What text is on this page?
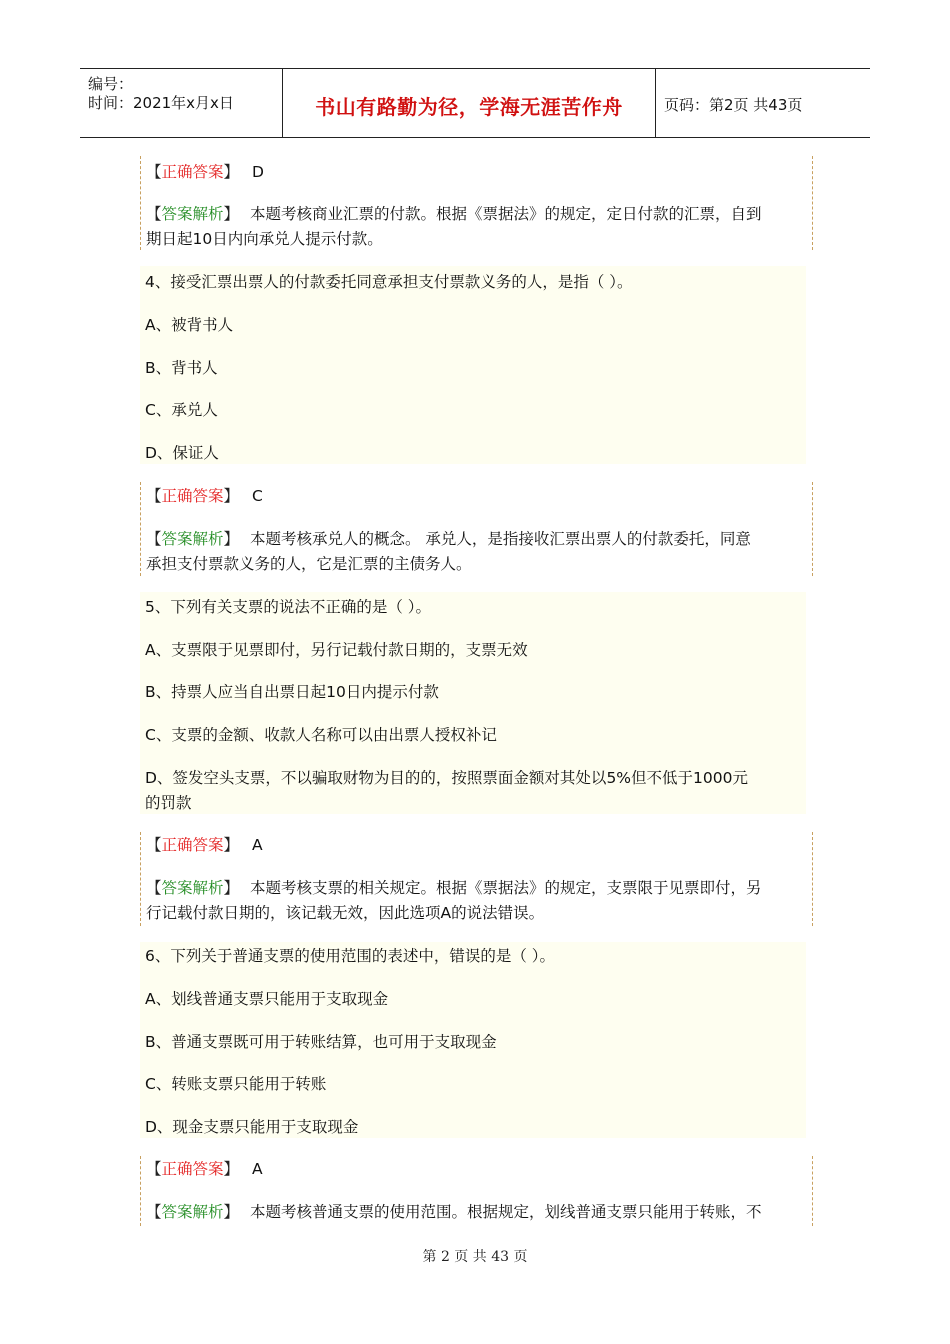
编号：
时间：2021年x月x日	书山有路勤为径，学海无涯苦作舟	页码：第2页 共43页
【正确答案】 D
【答案解析】 本题考核商业汇票的付款。根据《票据法》的规定，定日付款的汇票，自到
期日起10日内向承兑人提示付款。
4、接受汇票出票人的付款委托同意承担支付票款义务的人，是指（ ）。
A、被背书人
B、背书人
C、承兑人
D、保证人
【正确答案】 C
【答案解析】 本题考核承兑人的概念。 承兑人，是指接收汇票出票人的付款委托，同意
承担支付票款义务的人，它是汇票的主债务人。
5、下列有关支票的说法不正确的是（ ）。
A、支票限于见票即付，另行记载付款日期的，支票无效
B、持票人应当自出票日起10日内提示付款
C、支票的金额、收款人名称可以由出票人授权补记
D、签发空头支票，不以骗取财物为目的的，按照票面金额对其处以5%但不低于1000元
的罚款
【正确答案】 A
【答案解析】 本题考核支票的相关规定。根据《票据法》的规定，支票限于见票即付，另
行记载付款日期的，该记载无效，因此选项A的说法错误。
6、下列关于普通支票的使用范围的表述中，错误的是（ ）。
A、划线普通支票只能用于支取现金
B、普通支票既可用于转账结算，也可用于支取现金
C、转账支票只能用于转账
D、现金支票只能用于支取现金
【正确答案】 A
【答案解析】 本题考核普通支票的使用范围。根据规定，划线普通支票只能用于转账，不
第 2 页 共 43 页
